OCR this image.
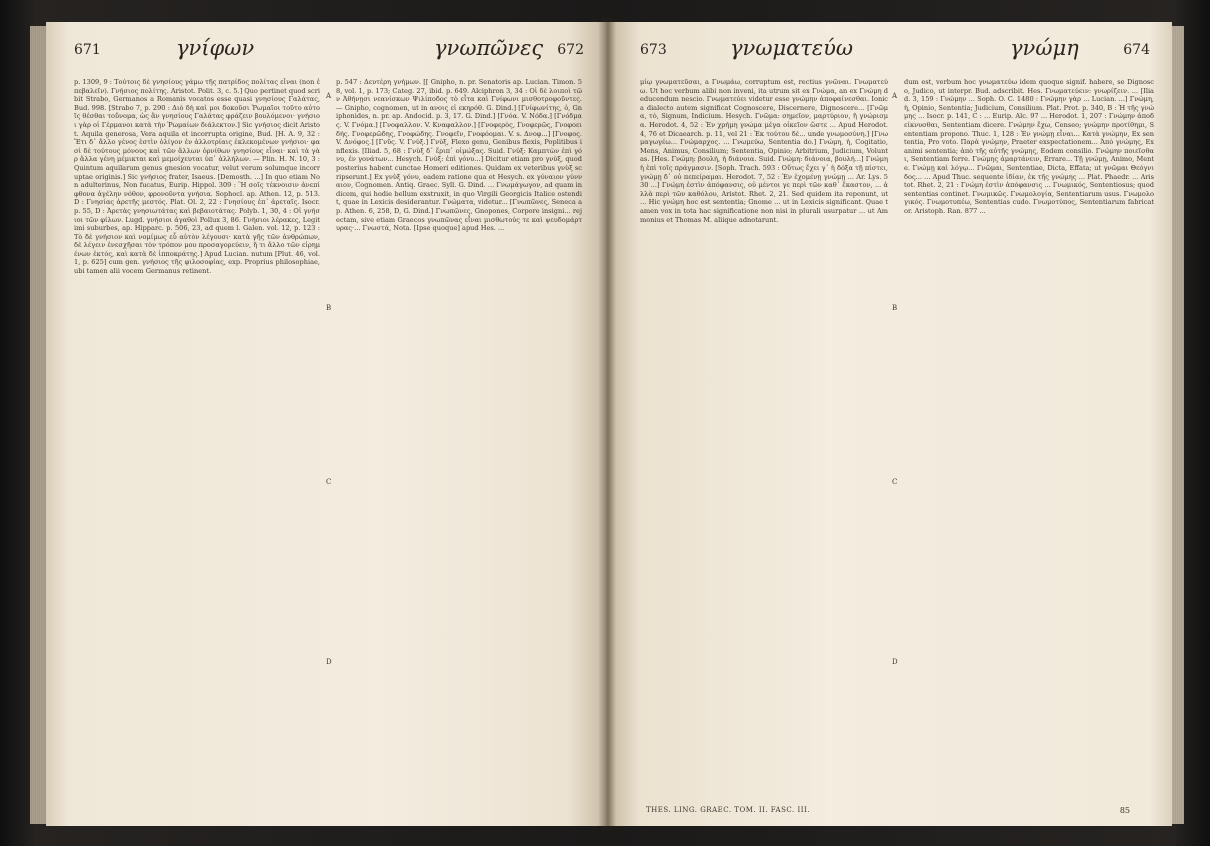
671	γνίφων	γνωπῶνες 672
p. 1309, 9 : Τούτοις δὲ γνησίους γάμω τῆς πατρίδος πολίτας εἶναι (non ἐπεβαλεῖν). Γνήσιος πολίτης. Aristot. Polit. 3, c. 5.] Quo pertinet quod scribit Strabo, Germanos a Romanis vocatos esse quasi γνησίους Γαλάτας, Bud. 998. [Strabo 7, p. 290 : Διὸ δὴ καὶ μοι δοκοῦσι Ῥωμαῖοι τοῦτο αὐτοῖς θέσθαι τοὔνομα, ὡς ἂν γνησίους Γαλάτας φράζειν βουλόμενοι· γνήσιοι γὰρ οἱ Γέρμανοι κατὰ τὴν Ῥωμαίων διάλεκτον.] Sic γνήσιος dicit Aristot. Aquila generosa, Vera aquila et incorrupta origine, Bud. [H. A. 9, 32 : Ἔτι δ᾽ ἄλλο γένος ἐστὶν ὀλίγον ἐν ἀλλοτρίαις ἐκλεκομένων γνήσιοι· φασὶ δὲ τούτους μόνους καὶ τῶν ἄλλων ὀρνίθων γνησίους εἶναι· καὶ τὰ γὰρ ἄλλα γένη μέμικται καὶ μεμοίχευται ὑπ᾽ ἀλλήλων. — Plin. H. N. 10, 3 : Quintum aquilarum genus gnesion vocatur, velut verum solumque incorruptae originis.] Sic γνήσιος frater, Isaeus. [Demosth. ...] In quo etiam Non adulterinus, Non fucatus, Eurip. Hippol. 309 : Ἢ σοῖς τέκνοισιν ἀνεπίφθονα ἀγέλην νόθον, φρονοῦντα γνήσια. Sophocl. ap. Athen. 12, p. 513. D : Γνησίας ἀρετῆς μεστός. Plat. Ol. 2, 22 : Γνησίους ἐπ᾽ ἀρεταῖς. Isocr. p. 55, D : Ἀρετὰς γνησιωτάτας καὶ βεβαιοτάτας. Polyb. 1, 30, 4 : Οἱ γνήσιοι τῶν φίλων. Lugd. γνήσιοι ἀγαθοὶ Pollux 3, 86. Γνήσιοι λέρακες, Legitimi suburbes, ap. Hipparc. p. 506, 23, ad quem l. Galen. vol. 12, p. 123 : Τὸ δὲ γνήσιον καὶ νομίμως εὖ αὐτὸν λέγουσι· κατὰ γῆς τῶν ἀνθρώπων, δὲ λέγειν ἐνεσχῆσαι τὸν τρόπον μου προσαγορεύειν, ἤ τι ἄλλο τῶν εἰρημένων ἐκτός, καὶ κατὰ δὲ ἱπποκράτης.] Apud Lucian. nutum [Plut. 46, vol. 1, p. 625] cum gen. γνήσιος τῆς φιλοσοφίας, exp. Proprius philosophiae, ubi tamen alii vocem Germanus retinent.
A
B
C
D
p. 547 : Δευτέρη γνήμων. [[ Gnipho, n. pr. Senatoris ap. Lucian. Timon. 58, vol. 1, p. 173; Categ. 27, ibid. p. 649. Alciphron 3, 34 : Οἱ δὲ λοιποὶ τῶν Ἀθήνῃσι νεανίσκων Ψιλίποδος τὸ εἶτα καὶ Γνίφωνι μισθοτροφοῦντες. — Gnipho, cognomen, ut in ανοις εἰ εκηρόθ. G. Dind.] [Γνίφωνίτης, ὁ, Gniphonides, n. pr. ap. Andocid. p. 3, 17. G. Dind.] [Γνόα. V. Νόδα.] [Γνόδμας. V. Γνόμα.] [Γνοφαλλον. V. Κναφαλλον.] [Γνοφερὸς, Γνοφερῶς, Γνοφοειδής. Γνοφερῶδης, Γνοφώδης. Γνοφεῖν, Γνοφόομαι. V. s. Δνοφ...] [Γνοφος. V. Δνόφος.] [Γνῦς. V. Γνύξ.] Γνύξ, Flexo genu, Genibus flexis, Poplitibus inflexis. [Iliad. 5, 68 : Γνὺξ δ᾽ ἔριπ᾽ οἰμώξας. Suid. Γνύξ: Καμπτὼν ἐπὶ γόνυ, ἐν γονάτων... Hesych. Γνὺξ: ἐπὶ γόνυ...] Dicitur etiam pro γνὺξ, quod posterius habent cunctae Homeri editiones. Quidam ex veteribus γνὺξ scripserunt.] Ex γνὺξ γόνυ, eadem ratione qua et Hesych. ex γύναιον γύνναιον, Cognomen. Antiq. Graec. Syll. G. Dind. ... Γνωμάγωγον, ad quam indicem, qui hodie bellum exstruxit, in quo Virgili Georgicis Italice ostendit, quae in Lexicis desiderantur. Γνώματα, videtur... [Γνωπῶνες, Seneca ap. Athen. 6, 258, D, G. Dind.] Γνωπῶνες, Gnopones, Corpore insigni... rejectam, sive etiam Graecos γνωπῶνας εἶναι μισθωτούς τε καὶ ψευδομάρτυρας·... Γνωστά, Nota. [Ipse quoque] apud Hes. ...
673	γνωματεύω	γνώμη	674
μίῳ γνωματεῦσαι, a Γνωμάω, corruptum est, rectius γνῶναι. Γνωματεύω. Ut hoc verbum alibi non inveni, ita utrum sit ex Γνώμα, an ex Γνώμη deducendum nescio. Γνωματεύει videtur esse γνώμην ἀποφαίνεσθαι. Ionica dialecto autem significat Cognoscere, Discernere, Dignoscere... [Γνῶμα, τὸ, Signum, Indicium. Hesych. Γνῶμα: σημεῖον, μαρτύριον, ἢ γνώρισμα. Herodot. 4, 52 : Ἐν χρήμη γνώμα μέγα οἰκεῖον ὥστε ... Apud Herodot. 4, 76 et Dicaearch. p. 11, vel 21 : Ἐκ τούτου δὲ... unde γνωμοσύνη.] [Γνωμαγωγέω... Γνώμαρχος. ... Γνωμεύω, Sententia do.] Γνώμη, ἡ, Cogitatio, Mens, Animus, Consilium; Sententia, Opinio; Arbitrium, Judicium, Voluntas. [Hes. Γνώμη: βουλή, ἡ διάνοια. Suid. Γνώμη: διάνοια, βουλή...] Γνώμη ἡ ἐπὶ τοῖς πράγμασιν. [Soph. Trach. 593 : Οὕτως ἔχει γ᾽ ἡ δόξα τῇ πίστει, γνώμῃ δ᾽ οὐ πεπείραμαι. Herodot. 7, 52 : Ἐν ἐχομένῃ γνώμῃ ... Ar. Lys. 530 ...] Γνώμη ἐστὶν ἀπόφανσις, οὐ μέντοι γε περὶ τῶν καθ᾽ ἕκαστον, ... ἀλλὰ περὶ τῶν καθόλου, Aristot. Rhet. 2, 21. Sed quidem ita reponunt, ut ... Hic γνώμη hoc est sententia; Gnome ... ut in Lexicis significant. Quae tamen vox in tota hac significatione non nisi in plurali usurpatur ... ut Ammonius et Thomas M. aliique adnotarunt.
A
B
C
D
dum est, verbum hoc γνωματεύω idem quoque signif. habere, se Dignosco, Judico, ut interpr. Bud. adscribit. Hes. Γνωματεύειν: γνωρίζειν. ... [Iliad. 3, 159 : Γνώμην ... Soph. O. C. 1480 : Γνώμην γὰρ ... Lucian. ...] Γνώμη, ἡ, Opinio, Sententia; Judicium, Consilium. Plat. Prot. p. 340, B : Ἡ τῆς γνώμης ... Isocr. p. 141, C : ... Eurip. Alc. 97 ... Herodot. 1, 207 : Γνώμην ἀποδείκνυσθαι, Sententiam dicere. Γνώμην ἔχω, Censeo; γνώμην προτίθημι, Sententiam propono. Thuc. 1, 128 : Ἐν γνώμῃ εἶναι... Κατὰ γνώμην, Ex sententia, Pro voto. Παρὰ γνώμην, Praeter exspectationem... Ἀπὸ γνώμης, Ex animi sententia; ἀπὸ τῆς αὐτῆς γνώμης, Eodem consilio. Γνώμην ποιεῖσθαι, Sententiam ferre. Γνώμης ἁμαρτάνειν, Errare... Τῇ γνώμῃ, Animo, Mente. Γνώμῃ καὶ λόγῳ... Γνῶμαι, Sententiae, Dicta, Effata; ut γνῶμαι Θεόγνιδος... ... Apud Thuc. sequente ἰδίαν, ἐκ τῆς γνώμης ... Plat. Phaedr. ... Aristot. Rhet. 2, 21 : Γνώμη ἐστὶν ἀπόφανσις ... Γνωμικός, Sententiosus; quod sententias continet. Γνωμικῶς. Γνωμολογία, Sententiarum usus. Γνωμολογικός. Γνωμοτυπέω, Sententias cudo. Γνωμοτύπος, Sententiarum fabricator. Aristoph. Ran. 877 ...
THES. LING. GRAEC. TOM. II. FASC. III.	85
